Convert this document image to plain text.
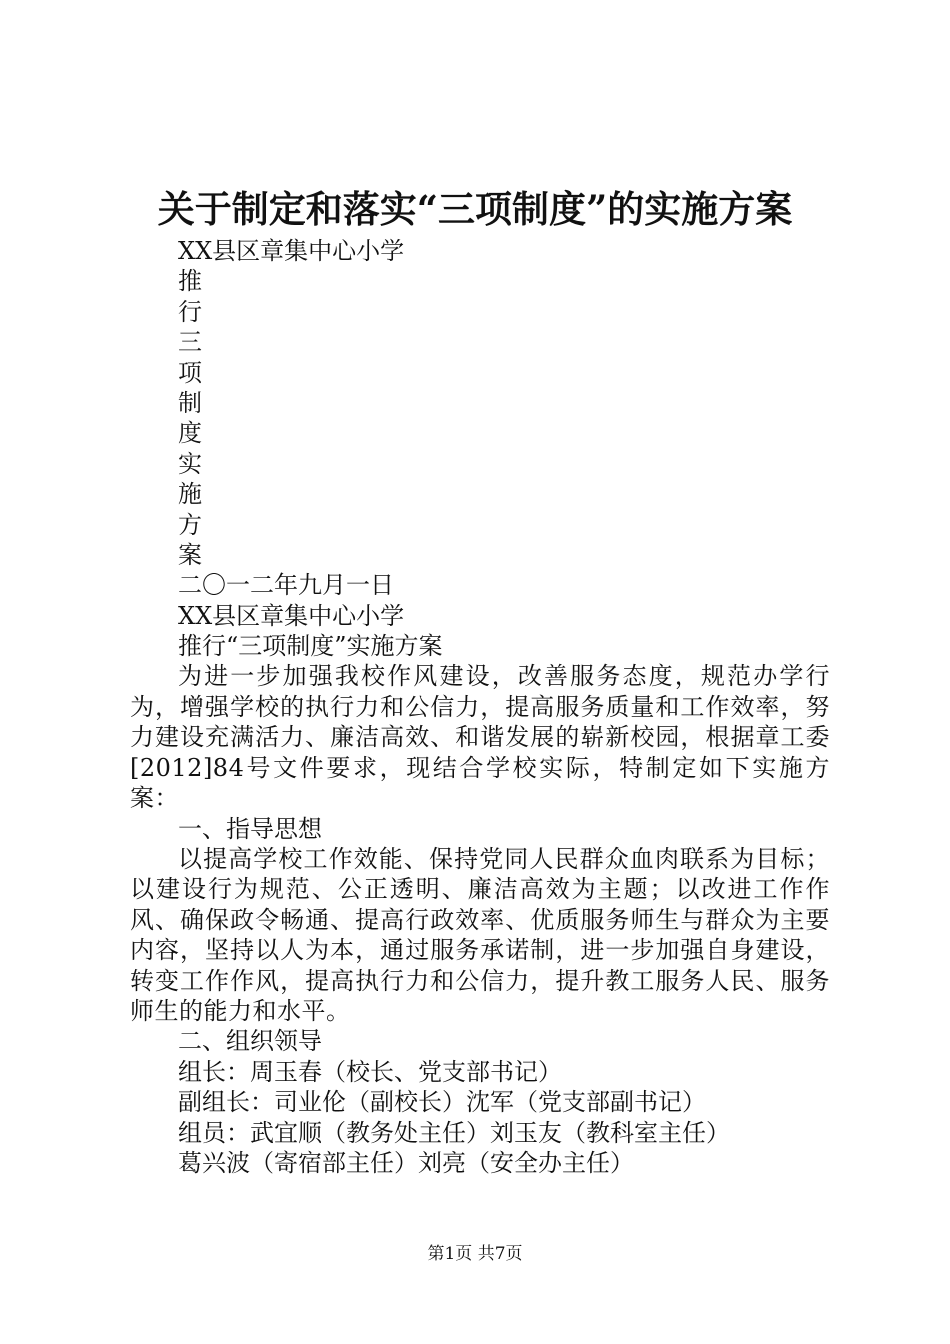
关于制定和落实“三项制度”的实施方案
XX县区章集中心小学
推
行
三
项
制
度
实
施
方
案
二〇一二年九月一日
XX县区章集中心小学
推行“三项制度”实施方案
为进一步加强我校作风建设，改善服务态度，规范办学行为，增强学校的执行力和公信力，提高服务质量和工作效率，努力建设充满活力、廉洁高效、和谐发展的崭新校园，根据章工委[2012]84号文件要求，现结合学校实际，特制定如下实施方案：
一、指导思想
以提高学校工作效能、保持党同人民群众血肉联系为目标；以建设行为规范、公正透明、廉洁高效为主题；以改进工作作风、确保政令畅通、提高行政效率、优质服务师生与群众为主要内容，坚持以人为本，通过服务承诺制，进一步加强自身建设，转变工作作风，提高执行力和公信力，提升教工服务人民、服务师生的能力和水平。
二、组织领导
组长：周玉春（校长、党支部书记）
副组长：司业伦（副校长）沈军（党支部副书记）
组员：武宜顺（教务处主任）刘玉友（教科室主任）
葛兴波（寄宿部主任）刘亮（安全办主任）
第1页 共7页
